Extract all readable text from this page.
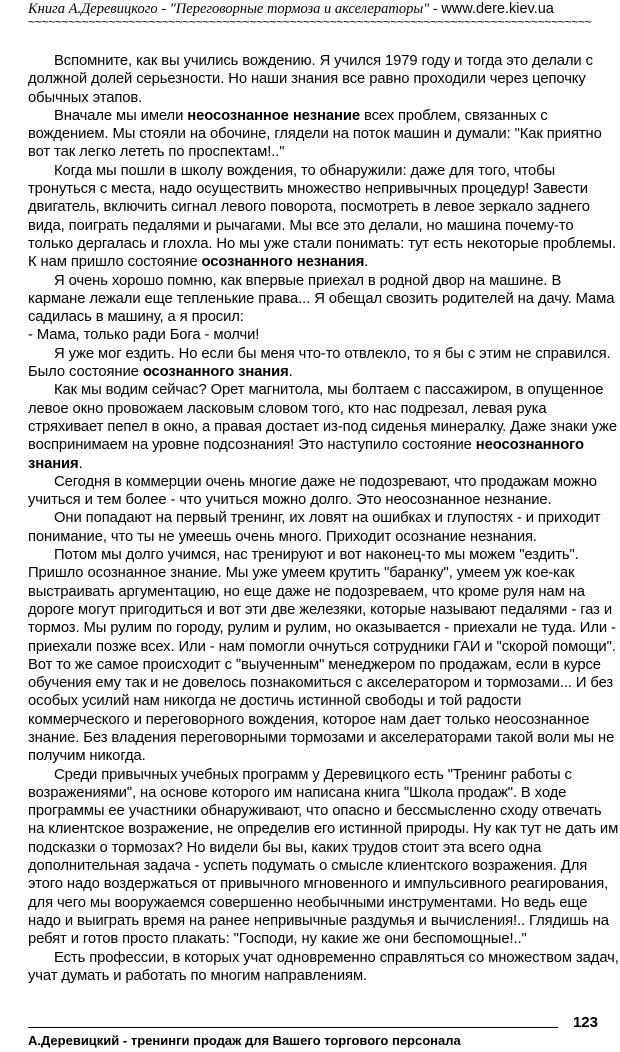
Книга А.Деревицкого - "Переговорные тормоза и акселераторы" - www.dere.kiev.ua
~~~~~~~~~~~~~~~~~~~~~~~~~~~~~~~~~~~~~~~~~~~~~~~~~~~~~~~~~~~~~~~~~~~~~~~~~~~~~~~~~~~~

Вспомните, как вы учились вождению. Я учился 1979 году и тогда это делали с должной долей серьезности. Но наши знания все равно проходили через цепочку обычных этапов.

Вначале мы имели неосознанное незнание всех проблем, связанных с вождением. Мы стояли на обочине, глядели на поток машин и думали: "Как приятно вот так легко лететь по проспектам!.."

Когда мы пошли в школу вождения, то обнаружили: даже для того, чтобы тронуться с места, надо осуществить множество непривычных процедур! Завести двигатель, включить сигнал левого поворота, посмотреть в левое зеркало заднего вида, поиграть педалями и рычагами. Мы все это делали, но машина почему-то только дергалась и глохла. Но мы уже стали понимать: тут есть некоторые проблемы. К нам пришло состояние осознанного незнания.

Я очень хорошо помню, как впервые приехал в родной двор на машине. В кармане лежали еще тепленькие права... Я обещал свозить родителей на дачу. Мама садилась в машину, а я просил:

- Мама, только ради Бога - молчи!

Я уже мог ездить. Но если бы меня что-то отвлекло, то я бы с этим не справился. Было состояние осознанного знания.

Как мы водим сейчас? Орет магнитола, мы болтаем с пассажиром, в опущенное левое окно провожаем ласковым словом того, кто нас подрезал, левая рука стряхивает пепел в окно, а правая достает из-под сиденья минералку. Даже знаки уже воспринимаем на уровне подсознания! Это наступило состояние неосознанного знания.

Сегодня в коммерции очень многие даже не подозревают, что продажам можно учиться и тем более - что учиться можно долго. Это неосознанное незнание.

Они попадают на первый тренинг, их ловят на ошибках и глупостях - и приходит понимание, что ты не умеешь очень много. Приходит осознание незнания.

Потом мы долго учимся, нас тренируют и вот наконец-то мы можем "ездить". Пришло осознанное знание. Мы уже умеем крутить "баранку", умеем уж кое-как выстраивать аргументацию, но еще даже не подозреваем, что кроме руля нам на дороге могут пригодиться и вот эти две железяки, которые называют педалями - газ и тормоз. Мы рулим по городу, рулим и рулим, но оказывается - приехали не туда. Или - приехали позже всех. Или - нам помогли очнуться сотрудники ГАИ и "скорой помощи". Вот то же самое происходит с "выученным" менеджером по продажам, если в курсе обучения ему так и не довелось познакомиться с акселератором и тормозами... И без особых усилий нам никогда не достичь истинной свободы и той радости коммерческого и переговорного вождения, которое нам дает только неосознанное знание. Без владения переговорными тормозами и акселераторами такой воли мы не получим никогда.

Среди привычных учебных программ у Деревицкого есть "Тренинг работы с возражениями", на основе которого им написана книга "Школа продаж". В ходе программы ее участники обнаруживают, что опасно и бессмысленно сходу отвечать на клиентское возражение, не определив его истинной природы. Ну как тут не дать им подсказки о тормозах? Но видели бы вы, каких трудов стоит эта всего одна дополнительная задача - успеть подумать о смысле клиентского возражения. Для этого надо воздержаться от привычного мгновенного и импульсивного реагирования, для чего мы вооружаемся совершенно необычными инструментами. Но ведь еще надо и выиграть время на ранее непривычные раздумья и вычисления!.. Глядишь на ребят и готов просто плакать: "Господи, ну какие же они беспомощные!.."

Есть профессии, в которых учат одновременно справляться со множеством задач, учат думать и работать по многим направлениям.

123
А.Деревицкий - тренинги продаж для Вашего торгового персонала
